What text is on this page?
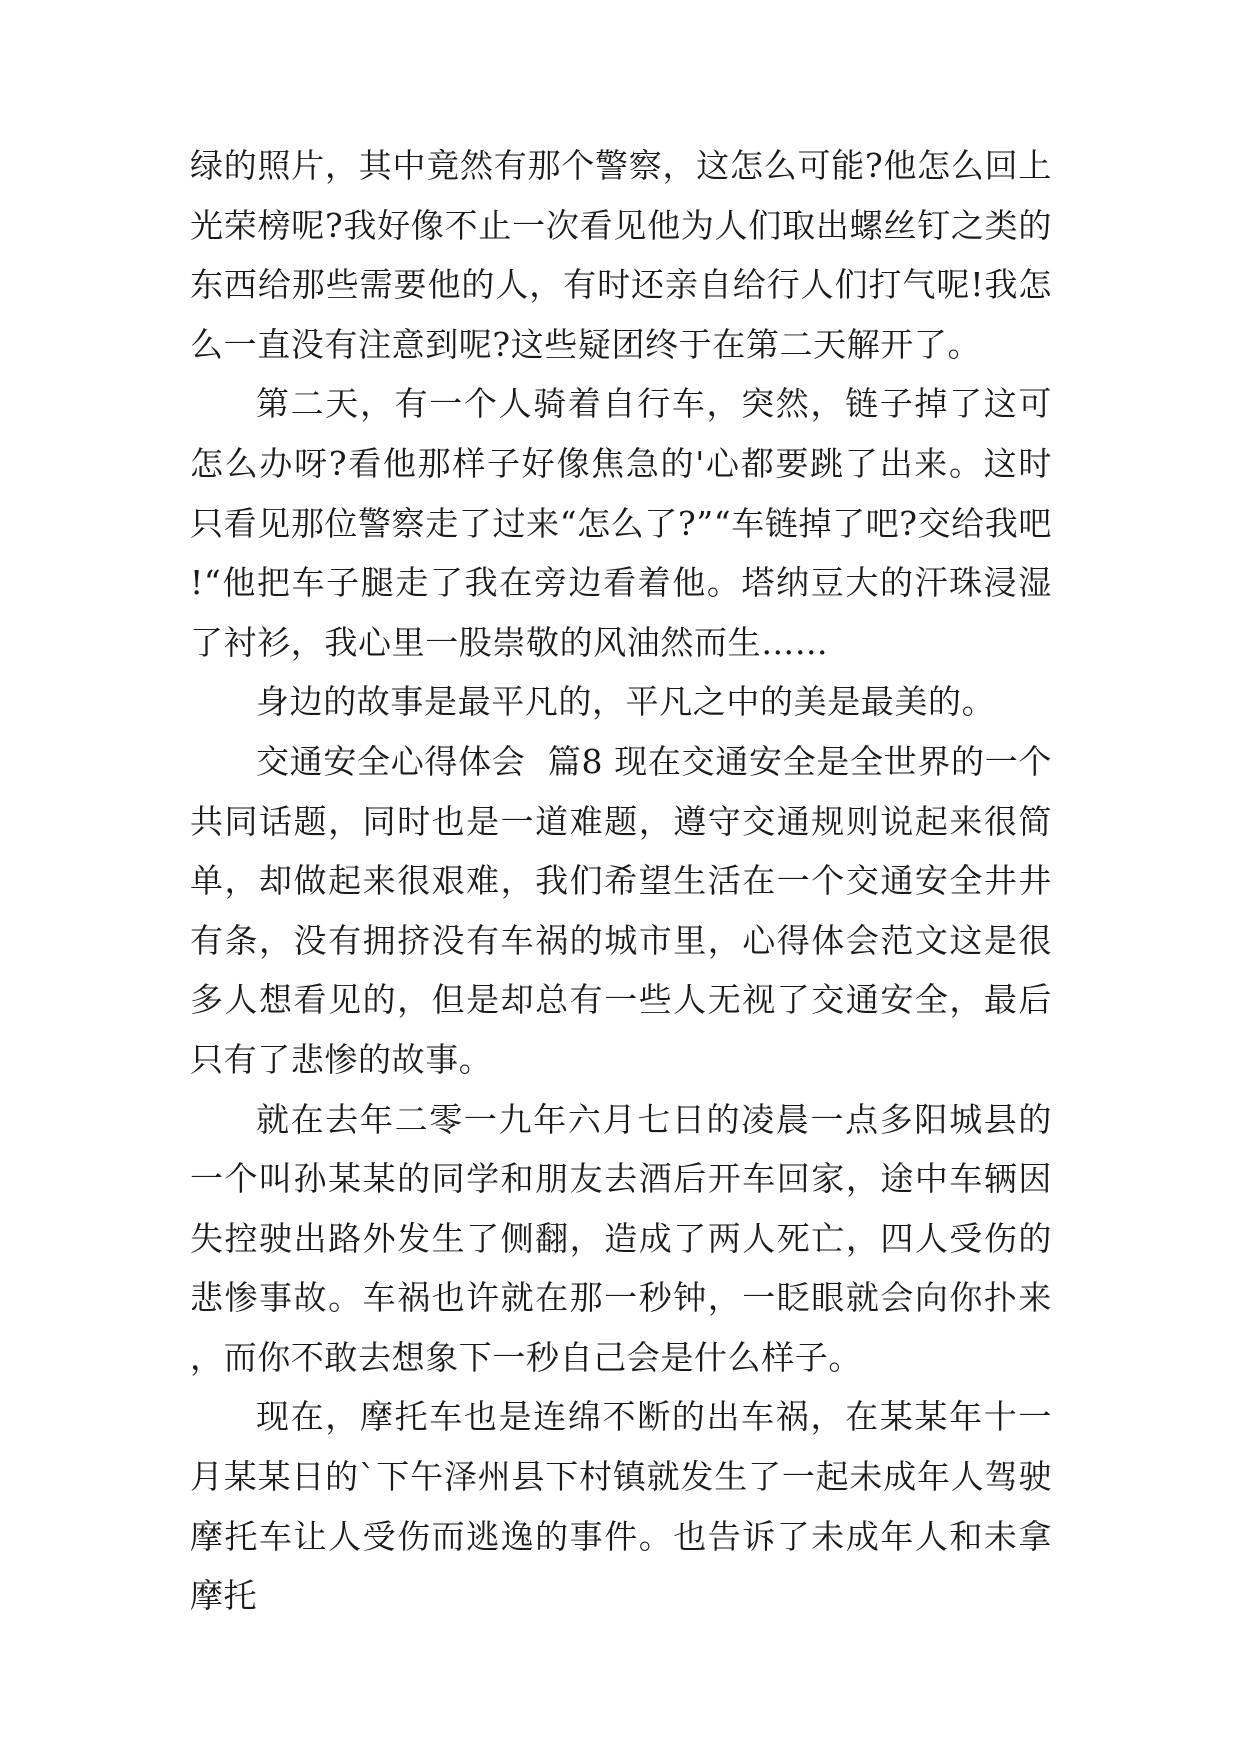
绿的照片，其中竟然有那个警察，这怎么可能?他怎么回上光荣榜呢?我好像不止一次看见他为人们取出螺丝钉之类的东西给那些需要他的人，有时还亲自给行人们打气呢!我怎么一直没有注意到呢?这些疑团终于在第二天解开了。

第二天，有一个人骑着自行车，突然，链子掉了这可怎么办呀?看他那样子好像焦急的'心都要跳了出来。这时只看见那位警察走了过来“怎么了?”“车链掉了吧?交给我吧!“他把车子腿走了我在旁边看着他。塔纳豆大的汗珠浸湿了衬衫，我心里一股崇敬的风油然而生……

身边的故事是最平凡的，平凡之中的美是最美的。

交通安全心得体会  篇8 现在交通安全是全世界的一个共同话题，同时也是一道难题，遵守交通规则说起来很简单，却做起来很艰难，我们希望生活在一个交通安全井井有条，没有拥挤没有车祸的城市里，心得体会范文这是很多人想看见的，但是却总有一些人无视了交通安全，最后只有了悲惨的故事。

就在去年二零一九年六月七日的凌晨一点多阳城县的一个叫孙某某的同学和朋友去酒后开车回家，途中车辆因失控驶出路外发生了侧翻，造成了两人死亡，四人受伤的悲惨事故。车祸也许就在那一秒钟，一眨眼就会向你扑来，而你不敢去想象下一秒自己会是什么样子。

现在，摩托车也是连绵不断的出车祸，在某某年十一月某某日的`下午泽州县下村镇就发生了一起未成年人驾驶摩托车让人受伤而逃逸的事件。也告诉了未成年人和未拿摩托
